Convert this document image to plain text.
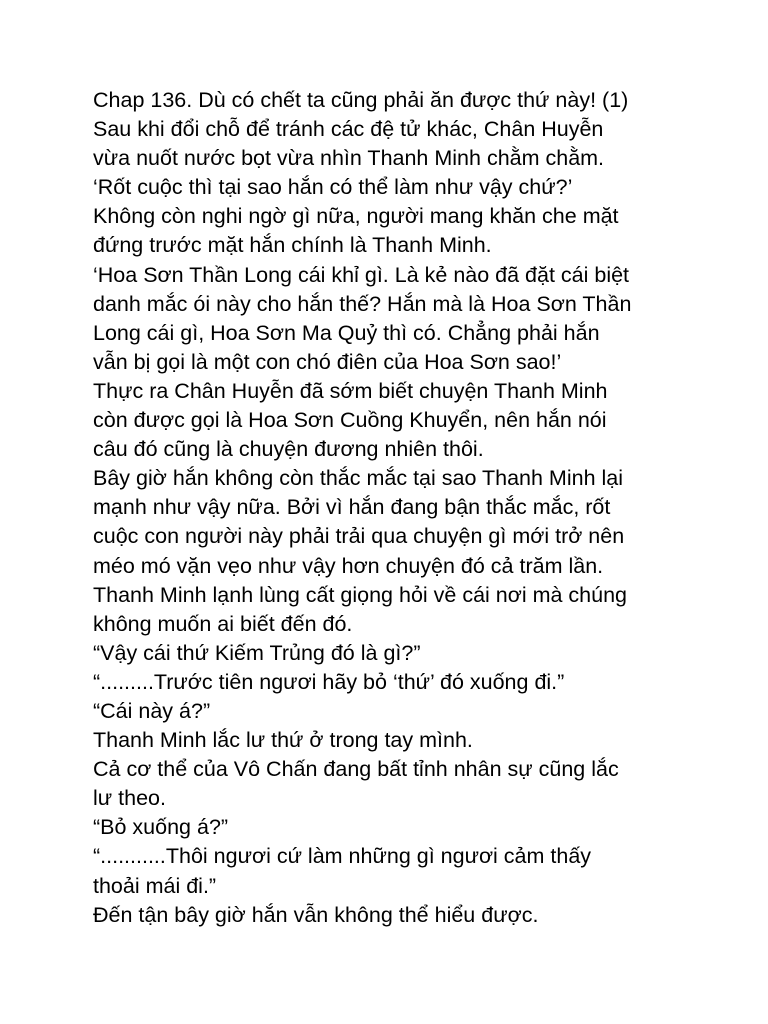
Chap 136. Dù có chết ta cũng phải ăn được thứ này! (1)
Sau khi đổi chỗ để tránh các đệ tử khác, Chân Huyễn
vừa nuốt nước bọt vừa nhìn Thanh Minh chằm chằm.
‘Rốt cuộc thì tại sao hắn có thể làm như vậy chứ?’
Không còn nghi ngờ gì nữa, người mang khăn che mặt
đứng trước mặt hắn chính là Thanh Minh.
‘Hoa Sơn Thần Long cái khỉ gì. Là kẻ nào đã đặt cái biệt
danh mắc ói này cho hắn thế? Hắn mà là Hoa Sơn Thần
Long cái gì, Hoa Sơn Ma Quỷ thì có. Chẳng phải hắn
vẫn bị gọi là một con chó điên của Hoa Sơn sao!’
Thực ra Chân Huyễn đã sớm biết chuyện Thanh Minh
còn được gọi là Hoa Sơn Cuồng Khuyển, nên hắn nói
câu đó cũng là chuyện đương nhiên thôi.
Bây giờ hắn không còn thắc mắc tại sao Thanh Minh lại
mạnh như vậy nữa. Bởi vì hắn đang bận thắc mắc, rốt
cuộc con người này phải trải qua chuyện gì mới trở nên
méo mó vặn vẹo như vậy hơn chuyện đó cả trăm lần.
Thanh Minh lạnh lùng cất giọng hỏi về cái nơi mà chúng
không muốn ai biết đến đó.
“Vậy cái thứ Kiếm Trủng đó là gì?”
“.........Trước tiên ngươi hãy bỏ ‘thứ’ đó xuống đi.”
“Cái này á?”
Thanh Minh lắc lư thứ ở trong tay mình.
Cả cơ thể của Vô Chấn đang bất tỉnh nhân sự cũng lắc
lư theo.
“Bỏ xuống á?”
“...........Thôi ngươi cứ làm những gì ngươi cảm thấy
thoải mái đi.”
Đến tận bây giờ hắn vẫn không thể hiểu được.
